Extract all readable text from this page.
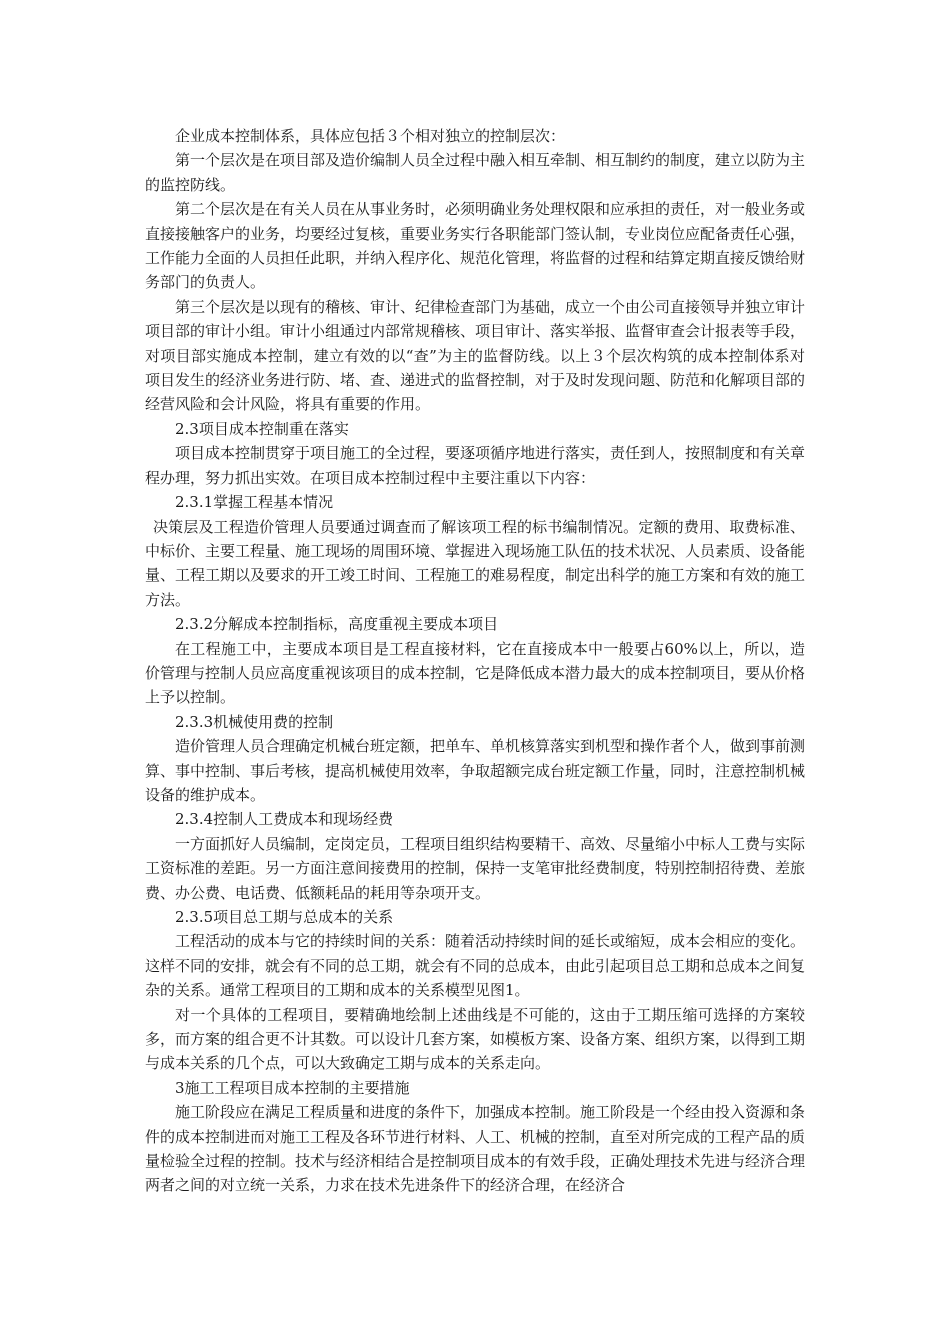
企业成本控制体系，具体应包括３个相对独立的控制层次：

第一个层次是在项目部及造价编制人员全过程中融入相互牵制、相互制约的制度，建立以防为主的监控防线。

第二个层次是在有关人员在从事业务时，必须明确业务处理权限和应承担的责任，对一般业务或直接接触客户的业务，均要经过复核，重要业务实行各职能部门签认制，专业岗位应配备责任心强，工作能力全面的人员担任此职，并纳入程序化、规范化管理，将监督的过程和结算定期直接反馈给财务部门的负责人。

第三个层次是以现有的稽核、审计、纪律检查部门为基础，成立一个由公司直接领导并独立审计项目部的审计小组。审计小组通过内部常规稽核、项目审计、落实举报、监督审查会计报表等手段，对项目部实施成本控制，建立有效的以“查”为主的监督防线。以上３个层次构筑的成本控制体系对项目发生的经济业务进行防、堵、查、递进式的监督控制，对于及时发现问题、防范和化解项目部的经营风险和会计风险，将具有重要的作用。

2.3项目成本控制重在落实

项目成本控制贯穿于项目施工的全过程，要逐项循序地进行落实，责任到人，按照制度和有关章程办理，努力抓出实效。在项目成本控制过程中主要注重以下内容：

2.3.1掌握工程基本情况

决策层及工程造价管理人员要通过调查而了解该项工程的标书编制情况。定额的费用、取费标准、中标价、主要工程量、施工现场的周围环境、掌握进入现场施工队伍的技术状况、人员素质、设备能量、工程工期以及要求的开工竣工时间、工程施工的难易程度，制定出科学的施工方案和有效的施工方法。

2.3.2分解成本控制指标，高度重视主要成本项目

在工程施工中，主要成本项目是工程直接材料，它在直接成本中一般要占60%以上，所以，造价管理与控制人员应高度重视该项目的成本控制，它是降低成本潜力最大的成本控制项目，要从价格上予以控制。

2.3.3机械使用费的控制

造价管理人员合理确定机械台班定额，把单车、单机核算落实到机型和操作者个人，做到事前测算、事中控制、事后考核，提高机械使用效率，争取超额完成台班定额工作量，同时，注意控制机械设备的维护成本。

2.3.4控制人工费成本和现场经费

一方面抓好人员编制，定岗定员，工程项目组织结构要精干、高效、尽量缩小中标人工费与实际工资标准的差距。另一方面注意间接费用的控制，保持一支笔审批经费制度，特别控制招待费、差旅费、办公费、电话费、低额耗品的耗用等杂项开支。

2.3.5项目总工期与总成本的关系

工程活动的成本与它的持续时间的关系：随着活动持续时间的延长或缩短，成本会相应的变化。这样不同的安排，就会有不同的总工期，就会有不同的总成本，由此引起项目总工期和总成本之间复杂的关系。通常工程项目的工期和成本的关系模型见图1。

对一个具体的工程项目，要精确地绘制上述曲线是不可能的，这由于工期压缩可选择的方案较多，而方案的组合更不计其数。可以设计几套方案，如模板方案、设备方案、组织方案，以得到工期与成本关系的几个点，可以大致确定工期与成本的关系走向。

3施工工程项目成本控制的主要措施

施工阶段应在满足工程质量和进度的条件下，加强成本控制。施工阶段是一个经由投入资源和条件的成本控制进而对施工工程及各环节进行材料、人工、机械的控制，直至对所完成的工程产品的质量检验全过程的控制。技术与经济相结合是控制项目成本的有效手段，正确处理技术先进与经济合理两者之间的对立统一关系，力求在技术先进条件下的经济合理，在经济合
